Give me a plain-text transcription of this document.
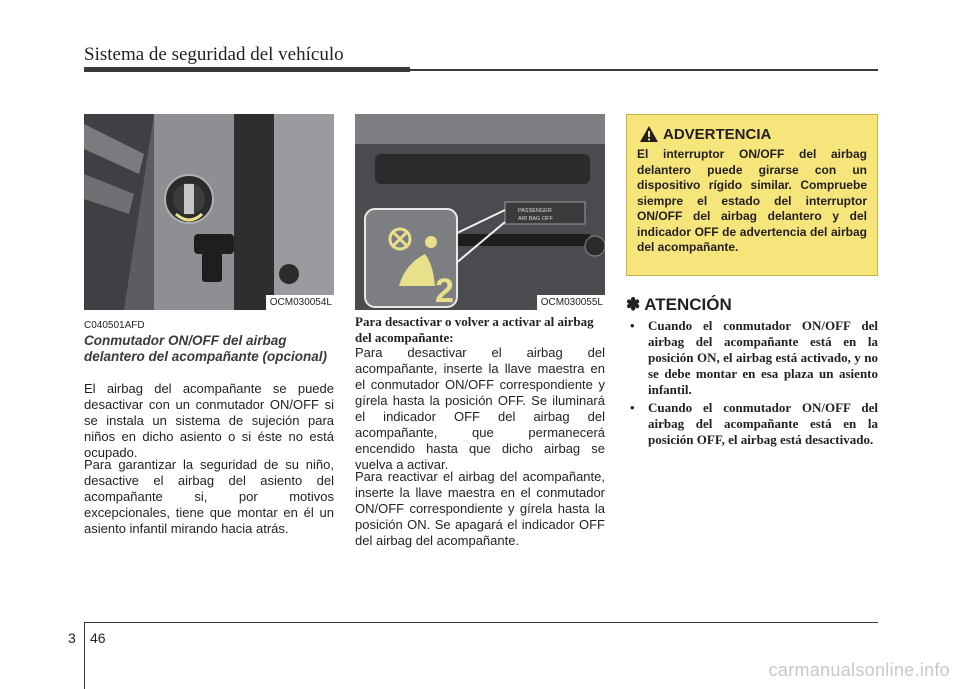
Sistema de seguridad del vehículo
OCM030054L
C040501AFD
Conmutador ON/OFF del airbag delantero del acompañante (opcional)
El airbag del acompañante se puede desactivar con un conmutador ON/OFF si se instala un sistema de sujeción para niños en dicho asiento o si éste no está ocupado.
Para garantizar la seguridad de su niño, desactive el airbag del asiento del acompañante si, por motivos excepcionales, tiene que montar en él un asiento infantil mirando hacia atrás.
PASSENGER
AIR BAG OFF
2	OCM030055L
Para desactivar o volver a activar al airbag del acompañante:
Para desactivar el airbag del acompañante, inserte la llave maestra en el conmutador ON/OFF correspondiente y gírela hasta la posición OFF. Se iluminará el indicador OFF del airbag del acompañante, que permanecerá encendido hasta que dicho airbag se vuelva a activar.
Para reactivar el airbag del acompañante, inserte la llave maestra en el conmutador ON/OFF correspondiente y gírela hasta la posición ON. Se apagará el indicador OFF del airbag del acompañante.
ADVERTENCIA
El interruptor ON/OFF del airbag delantero puede girarse con un dispositivo rígido similar. Compruebe siempre el estado del interruptor ON/OFF del airbag delantero y del indicador OFF de advertencia del airbag del acompañante.
✽ ATENCIÓN
• Cuando el conmutador ON/OFF del airbag del acompañante está en la posición ON, el airbag está activado, y no se debe montar en esa plaza un asiento infantil.
• Cuando el conmutador ON/OFF del airbag del acompañante está en la posición OFF, el airbag está desactivado.
3 46
carmanualsonline.info
